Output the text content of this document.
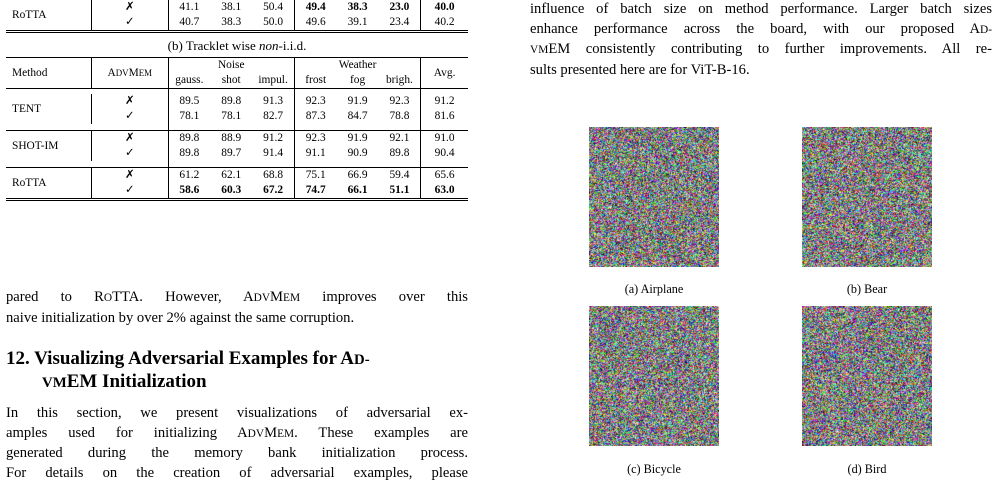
RoTTA	✗	41.1	38.1	50.4	49.4	38.3	23.0	40.0
	✓	40.7	38.3	50.0	49.6	39.1	23.4	40.2
(b) Tracklet wise non-i.i.d.
Method	ADVMEM	Noise			Weather			Avg.
		gauss.	shot	impul.	frost	fog	brigh.	

TENT	✗	89.5	89.8	91.3	92.3	91.9	92.3	91.2
	✓	78.1	78.1	82.7	87.3	84.7	78.8	81.6

SHOT-IM	✗	89.8	88.9	91.2	92.3	91.9	92.1	91.0
	✓	89.8	89.7	91.4	91.1	90.9	89.8	90.4

RoTTA	✗	61.2	62.1	68.8	75.1	66.9	59.4	65.6
	✓	58.6	60.3	67.2	74.7	66.1	51.1	63.0
pared to ROTTA. However, ADVMEM improves over this
naive initialization by over 2% against the same corruption.
12. Visualizing Adversarial Examples for AD-
VMEM Initialization
In this section, we present visualizations of adversarial ex-
amples used for initializing ADVMEM. These examples are
generated during the memory bank initialization process.
For details on the creation of adversarial examples, please
influence of batch size on method performance. Larger batch sizes
enhance performance across the board, with our proposed AD-
VMEM consistently contributing to further improvements. All re-
sults presented here are for ViT-B-16.
(a) Airplane	(b) Bear
(c) Bicycle	(d) Bird
